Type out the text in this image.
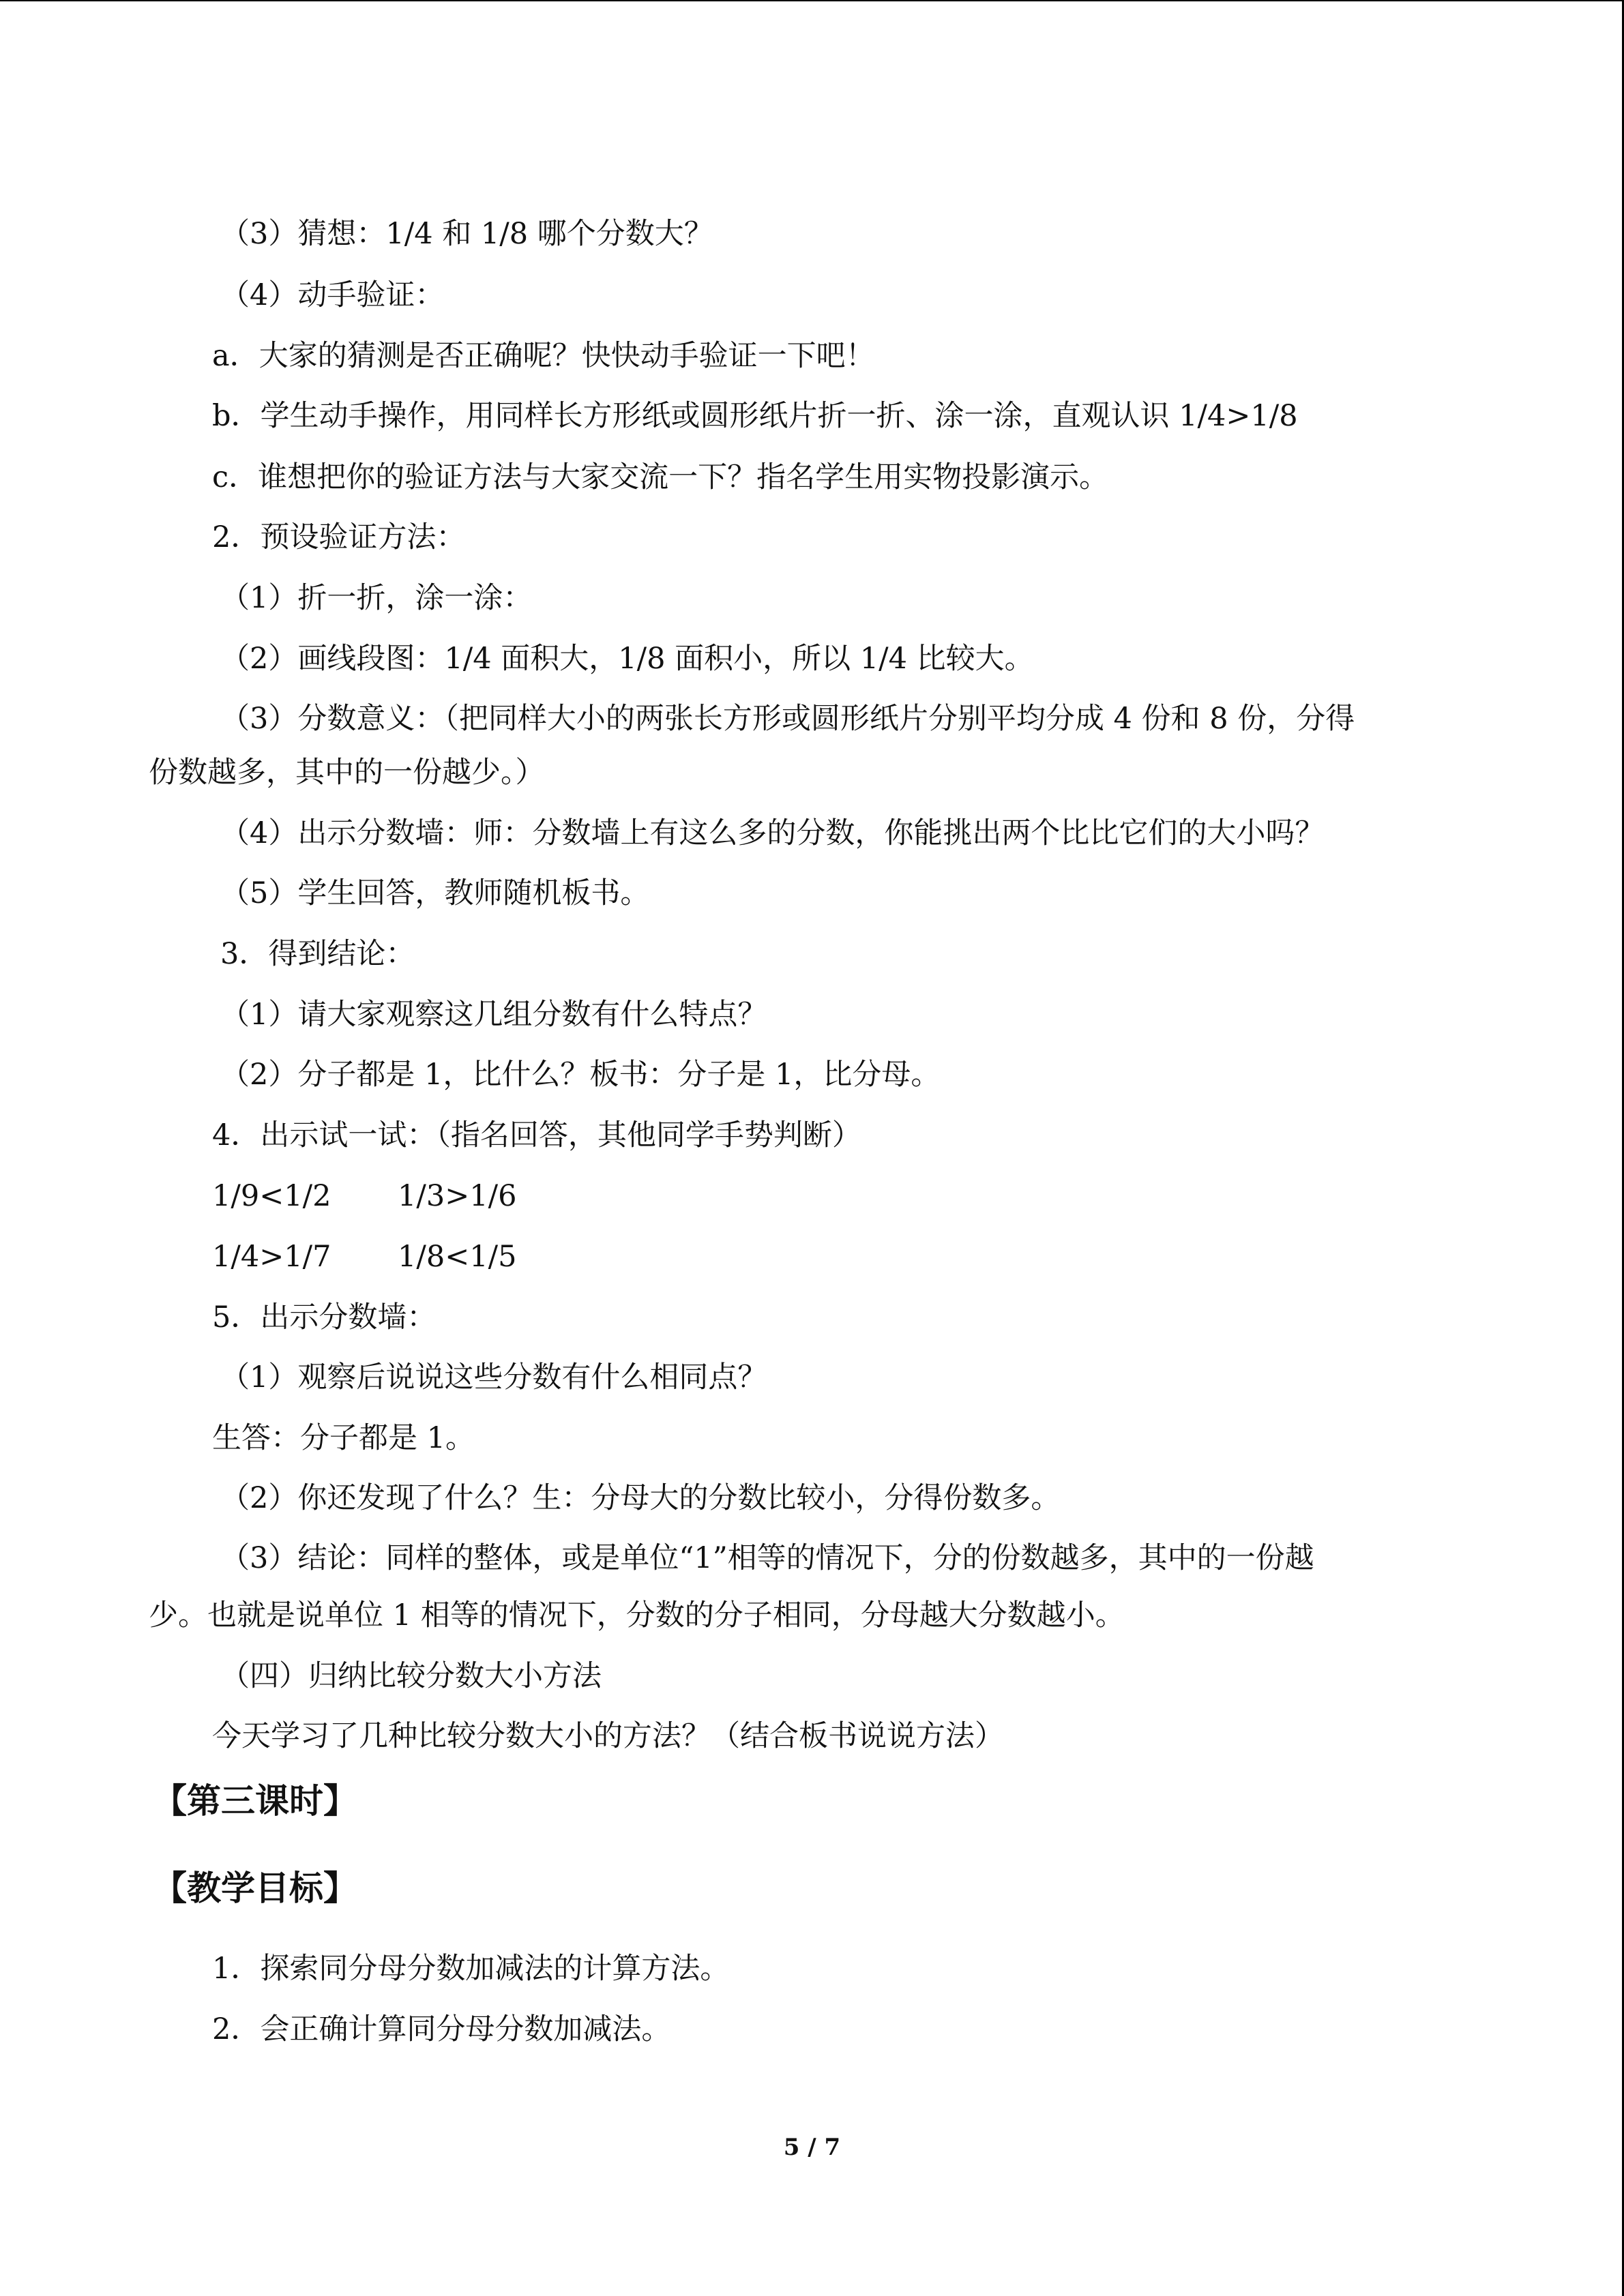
（3）猜想：1/4 和 1/8 哪个分数大？
（4）动手验证：
a．大家的猜测是否正确呢？快快动手验证一下吧！
b．学生动手操作，用同样长方形纸或圆形纸片折一折、涂一涂，直观认识 1/4>1/8
c．谁想把你的验证方法与大家交流一下？指名学生用实物投影演示。
2．预设验证方法：
（1）折一折，涂一涂：
（2）画线段图：1/4 面积大，1/8 面积小，所以 1/4 比较大。
（3）分数意义：（把同样大小的两张长方形或圆形纸片分别平均分成 4 份和 8 份，分得
份数越多，其中的一份越少。）
（4）出示分数墙：师：分数墙上有这么多的分数，你能挑出两个比比它们的大小吗？
（5）学生回答，教师随机板书。
3．得到结论：
（1）请大家观察这几组分数有什么特点？
（2）分子都是 1，比什么？板书：分子是 1，比分母。
4．出示试一试：（指名回答，其他同学手势判断）
1/9<1/2 1/3>1/6
1/4>1/7 1/8<1/5
5．出示分数墙：
（1）观察后说说这些分数有什么相同点？
生答：分子都是 1。
（2）你还发现了什么？生：分母大的分数比较小，分得份数多。
（3）结论：同样的整体，或是单位“1”相等的情况下，分的份数越多，其中的一份越
少。也就是说单位 1 相等的情况下，分数的分子相同，分母越大分数越小。
（四）归纳比较分数大小方法
今天学习了几种比较分数大小的方法？（结合板书说说方法）
【第三课时】
【教学目标】
1．探索同分母分数加减法的计算方法。
2．会正确计算同分母分数加减法。
5 / 7
